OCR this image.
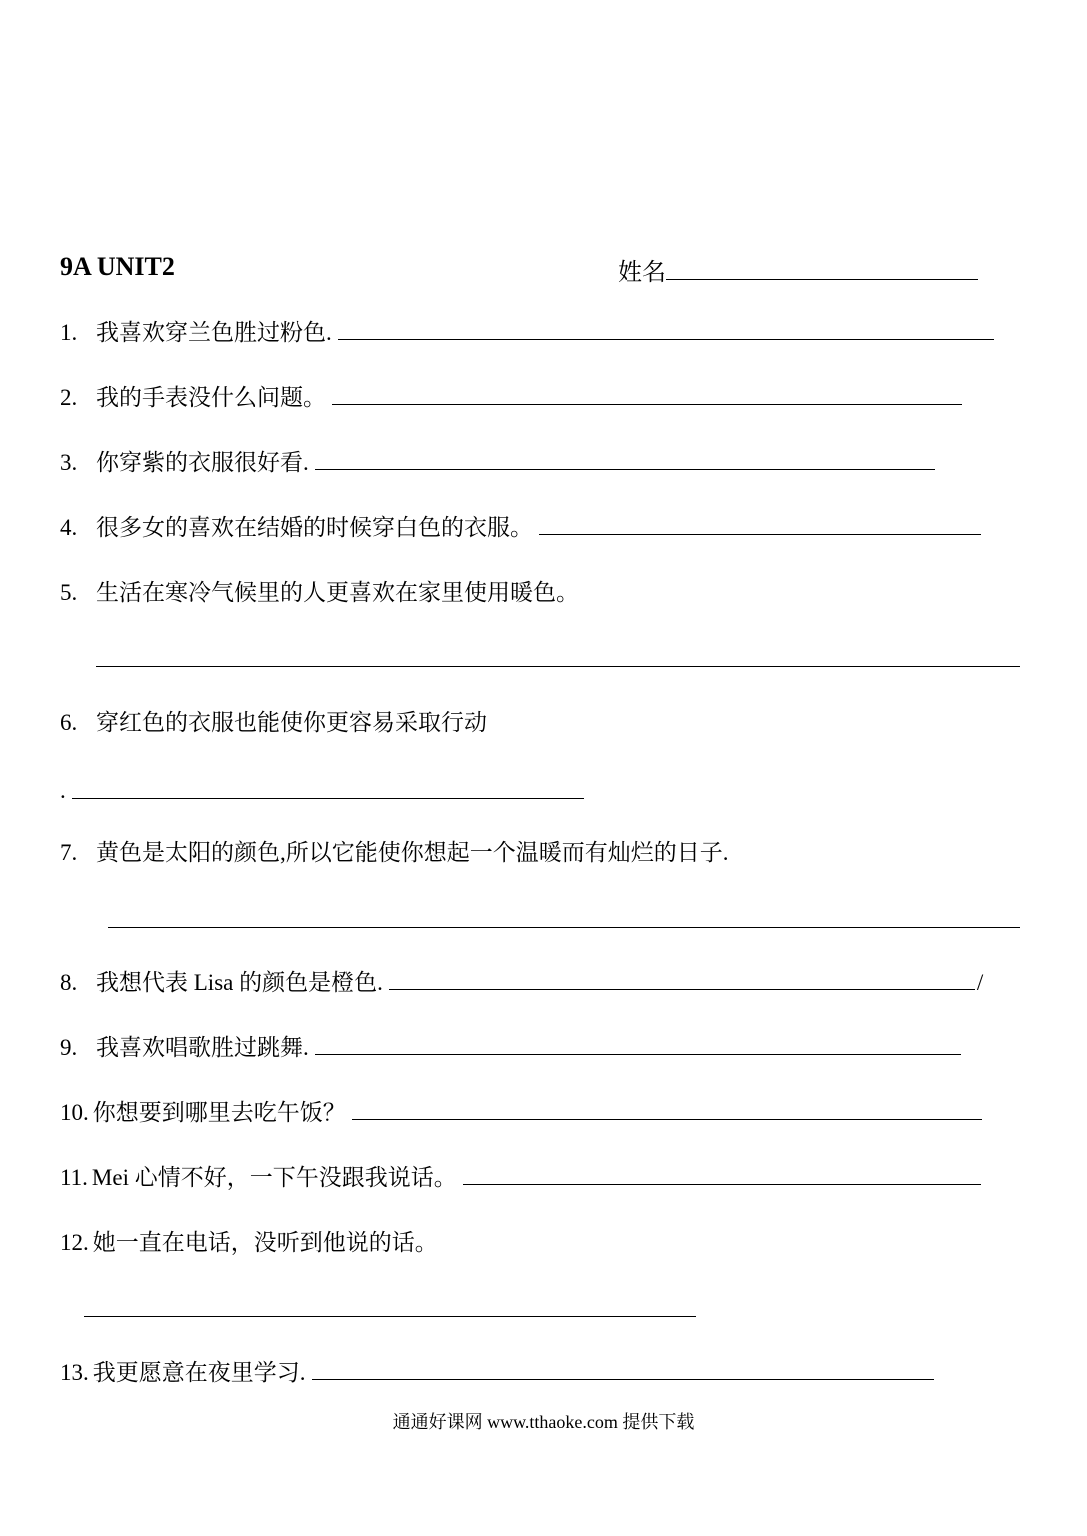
9A UNIT2	姓名
1. 我喜欢穿兰色胜过粉色.
2. 我的手表没什么问题。
3. 你穿紫的衣服很好看.
4. 很多女的喜欢在结婚的时候穿白色的衣服。
5. 生活在寒冷气候里的人更喜欢在家里使用暖色。
6. 穿红色的衣服也能使你更容易采取行动
.
7. 黄色是太阳的颜色,所以它能使你想起一个温暖而有灿烂的日子.
8. 我想代表 Lisa 的颜色是橙色.	/
9. 我喜欢唱歌胜过跳舞.
10. 你想要到哪里去吃午饭？
11. Mei 心情不好，一下午没跟我说话。
12. 她一直在电话，没听到他说的话。
13. 我更愿意在夜里学习.
通通好课网 www.tthaoke.com 提供下载
